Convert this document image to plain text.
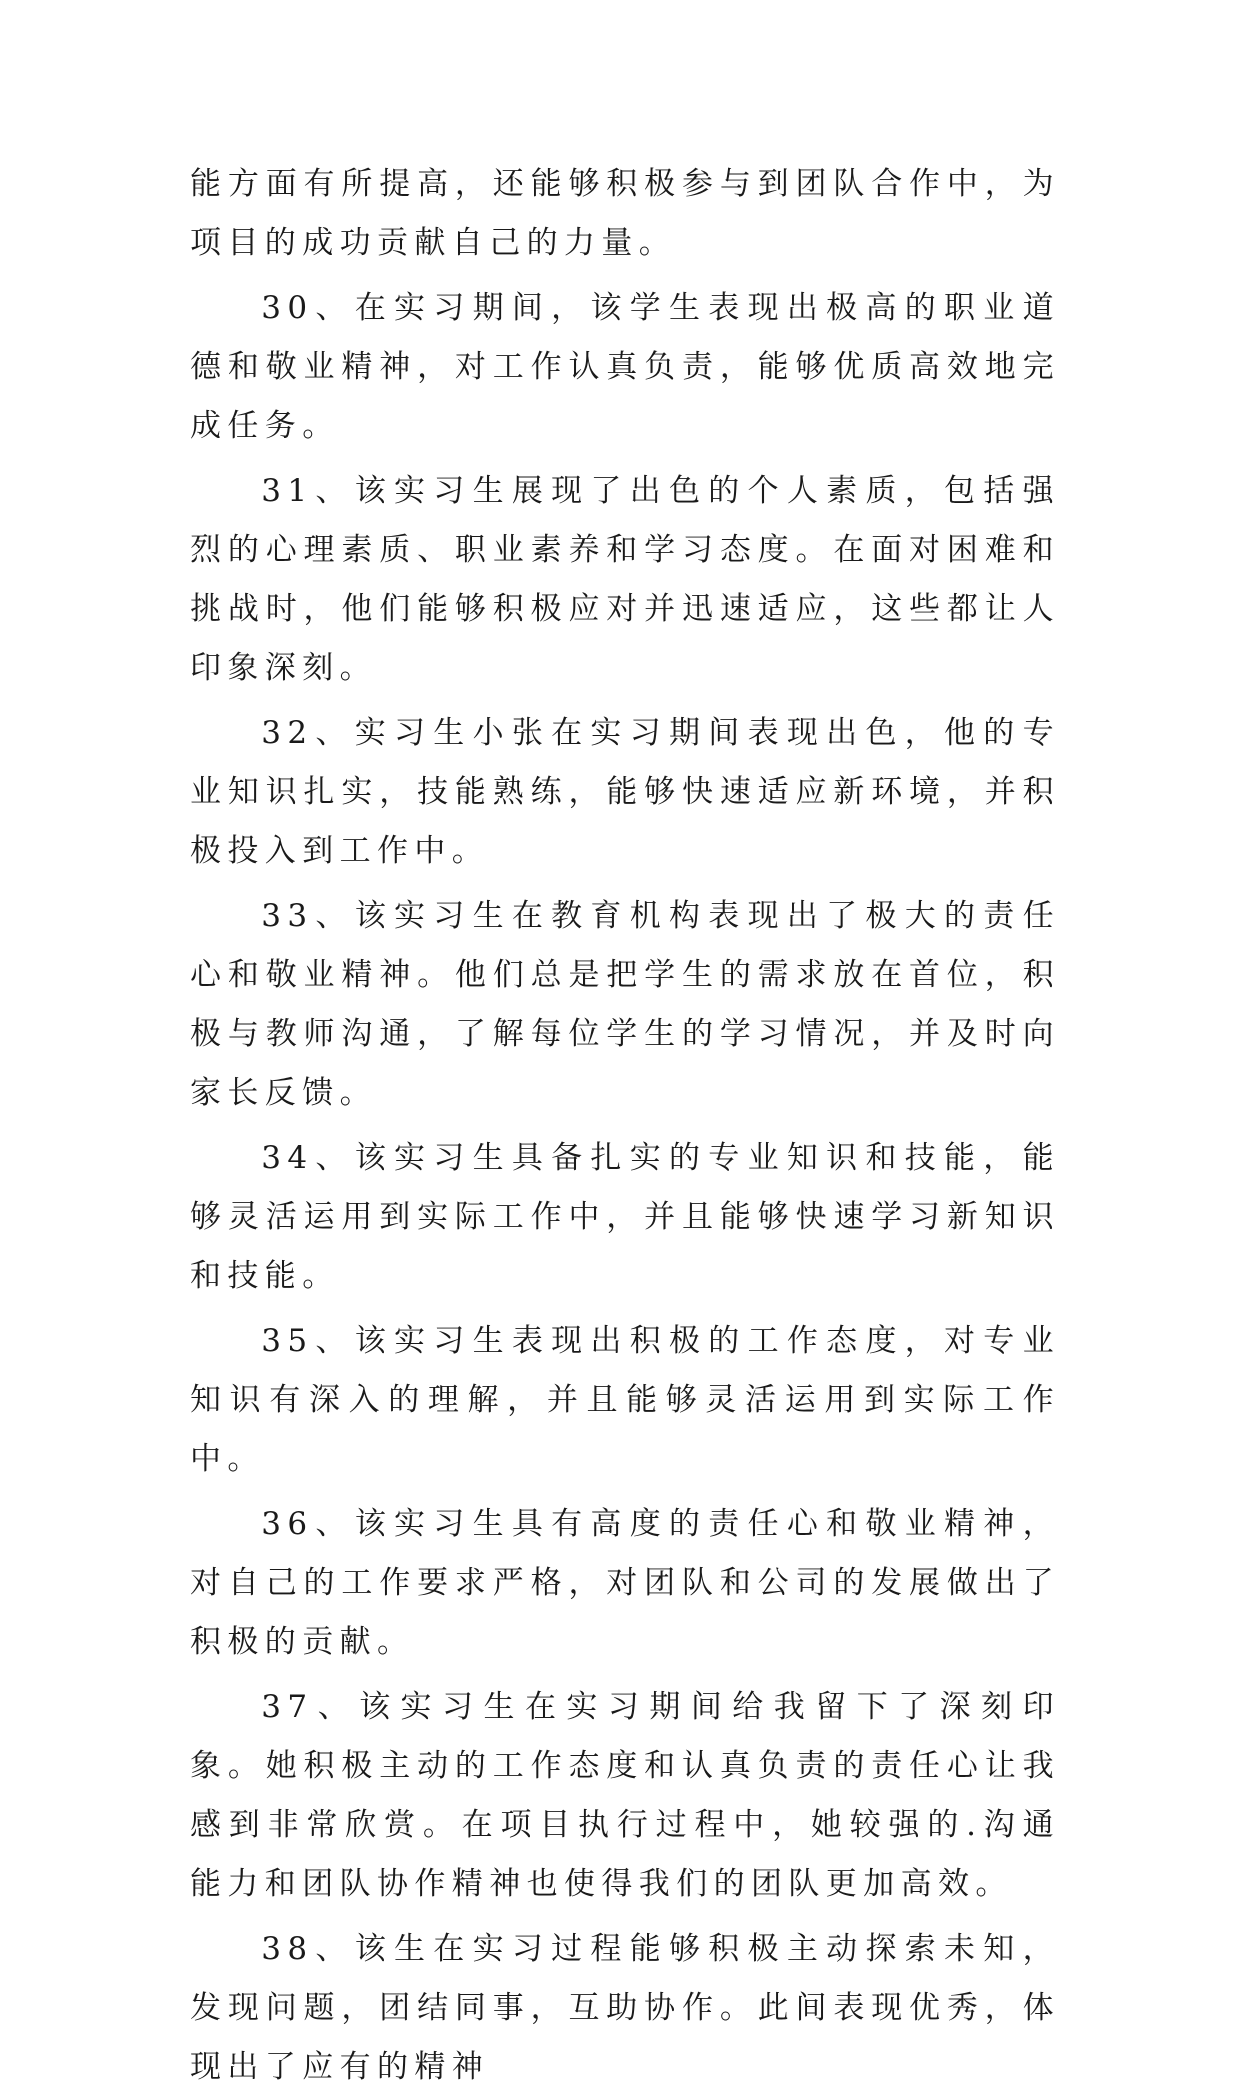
能方面有所提高，还能够积极参与到团队合作中，为项目的成功贡献自己的力量。

30、在实习期间，该学生表现出极高的职业道德和敬业精神，对工作认真负责，能够优质高效地完成任务。

31、该实习生展现了出色的个人素质，包括强烈的心理素质、职业素养和学习态度。在面对困难和挑战时，他们能够积极应对并迅速适应，这些都让人印象深刻。

32、实习生小张在实习期间表现出色，他的专业知识扎实，技能熟练，能够快速适应新环境，并积极投入到工作中。

33、该实习生在教育机构表现出了极大的责任心和敬业精神。他们总是把学生的需求放在首位，积极与教师沟通，了解每位学生的学习情况，并及时向家长反馈。

34、该实习生具备扎实的专业知识和技能，能够灵活运用到实际工作中，并且能够快速学习新知识和技能。

35、该实习生表现出积极的工作态度，对专业知识有深入的理解，并且能够灵活运用到实际工作中。

36、该实习生具有高度的责任心和敬业精神，对自己的工作要求严格，对团队和公司的发展做出了积极的贡献。

37、该实习生在实习期间给我留下了深刻印象。她积极主动的工作态度和认真负责的责任心让我感到非常欣赏。在项目执行过程中，她较强的.沟通能力和团队协作精神也使得我们的团队更加高效。

38、该生在实习过程能够积极主动探索未知，发现问题，团结同事，互助协作。此间表现优秀，体现出了应有的精神
